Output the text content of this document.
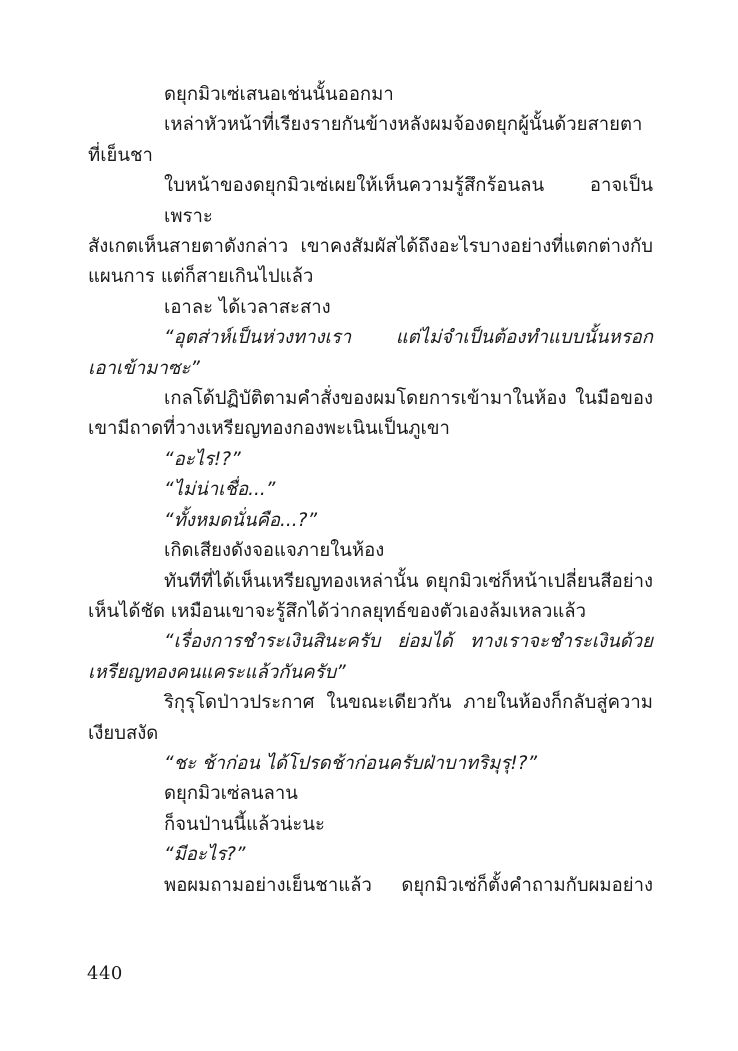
ดยุกมิวเซ่เสนอเช่นนั้นออกมา
เหล่าหัวหน้าที่เรียงรายกันข้างหลังผมจ้องดยุกผู้นั้นด้วยสายตา
ที่เย็นชา
ใบหน้าของดยุกมิวเซ่เผยให้เห็นความรู้สึกร้อนลน อาจเป็นเพราะ
สังเกตเห็นสายตาดังกล่าว เขาคงสัมผัสได้ถึงอะไรบางอย่างที่แตกต่างกับ
แผนการ แต่ก็สายเกินไปแล้ว
เอาละ ได้เวลาสะสาง
“อุตส่าห์เป็นห่วงทางเรา แต่ไม่จำเป็นต้องทำแบบนั้นหรอก
เอาเข้ามาซะ”
เกลโด้ปฏิบัติตามคำสั่งของผมโดยการเข้ามาในห้อง ในมือของ
เขามีถาดที่วางเหรียญทองกองพะเนินเป็นภูเขา
“อะไร!?”
“ไม่น่าเชื่อ...”
“ทั้งหมดนั่นคือ...?”
เกิดเสียงดังจอแจภายในห้อง
ทันทีที่ได้เห็นเหรียญทองเหล่านั้น ดยุกมิวเซ่ก็หน้าเปลี่ยนสีอย่าง
เห็นได้ชัด เหมือนเขาจะรู้สึกได้ว่ากลยุทธ์ของตัวเองล้มเหลวแล้ว
“เรื่องการชำระเงินสินะครับ ย่อมได้ ทางเราจะชำระเงินด้วย
เหรียญทองคนแคระแล้วกันครับ”
ริกุรุโดป่าวประกาศ ในขณะเดียวกัน ภายในห้องก็กลับสู่ความ
เงียบสงัด
“ชะ ช้าก่อน ได้โปรดช้าก่อนครับฝ่าบาทริมุรุ!?”
ดยุกมิวเซ่ลนลาน
ก็จนป่านนี้แล้วน่ะนะ
“มีอะไร?”
พอผมถามอย่างเย็นชาแล้ว ดยุกมิวเซ่ก็ตั้งคำถามกับผมอย่าง
440
